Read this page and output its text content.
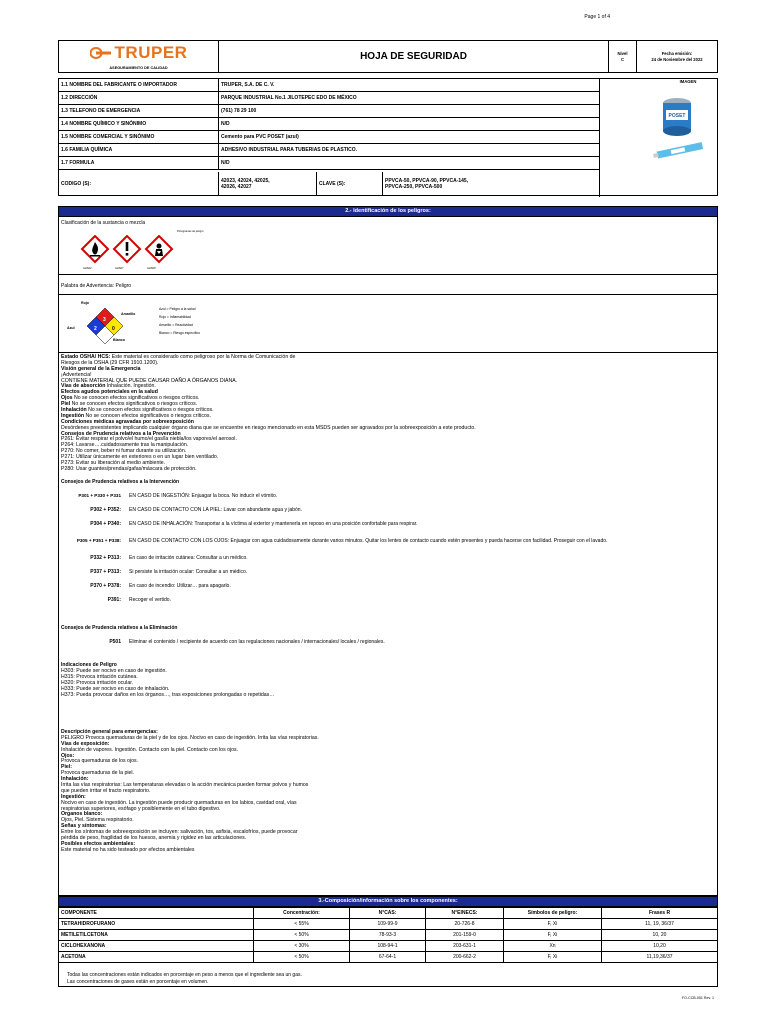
Page 1 of 4
TRUPER
ASEGURAMIENTO DE CALIDAD
HOJA DE SEGURIDAD	Nivel
C
Fecha emisión:
24 de Noviembre del 2022
IMAGEN
1.1 NOMBRE DEL FABRICANTE O IMPORTADOR	TRUPER, S.A. DE C. V.
1.2 DIRECCIÓN	PARQUE INDUSTRIAL No.1 JILOTEPEC EDO DE MÉXICO
1.3 TELEFONO DE EMERGENCIA	(761) 78 29 100
1.4 NOMBRE QUÍMICO Y SINÓNIMO	N/D
1.5 NOMBRE COMERCIAL Y SINÓNIMO	Cemento para PVC POSET (azul)
1.6 FAMILIA QUÍMICA	ADHESIVO INDUSTRIAL PARA TUBERIAS DE PLASTICO.
1.7 FORMULA	N/D
CODIGO (S):	42023, 42024, 42025,
42026, 42027	CLAVE (S):	PPVCA-50, PPVCA-90, PPVCA-145,
PPVCA-250, PPVCA-500
POSET
2.- Identificación de los peligros:
Clasificación de la sustancia o mezcla
Pictogramas de peligro
GHS02	GHS07	GHS08
Palabra de Advertencia: Peligro
3
2	0
Rojo
Azul
Amarillo
Blanco
Azul = Peligro a la salud
Rojo = Inflamabilidad
Amarillo = Reactividad
Blanco = Riesgo específico
Estado OSHA/ HCS: Este material es considerado como peligroso por la Norma de Comunicación de
Riesgos de la OSHA (29 CFR 1910.1200).
Visión general de la Emergencia
¡Advertencia!
CONTIENE MATERIAL QUE PUEDE CAUSAR DAÑO A ÓRGANOS DIANA.
Vías de absorción Inhalación. Ingestión.
Efectos agudos potenciales en la salud
Ojos No se conocen efectos significativos o riesgos críticos.
Piel No se conocen efectos significativos o riesgos críticos.
Inhalación No se conocen efectos significativos o riesgos críticos.
Ingestión No se conocen efectos significativos o riesgos críticos.
Condiciones médicas agravadas por sobreexposición
Desórdenes preexistentes implicando cualquier órgano diana que se encuentre en riesgo mencionado en esta MSDS pueden ser agravados por la sobreexposición a este producto.
Consejos de Prudencia relativos a la Prevención
P261: Evitar respirar el polvo/el humo/el gas/la niebla/los vapores/el aerosol.
P264: Lavarse….cuidadosamente tras la manipulación.
P270: No comer, beber ni fumar durante su utilización.
P271: Utilizar únicamente en exteriores o en un lugar bien ventilado.
P273: Evitar su liberación al medio ambiente.
P280: Usar guantes/prendas/gafas/máscara de protección.
Consejos de Prudencia relativos a la Intervención
Consejos de Prudencia relativos a la Eliminación
P501	Eliminar el contenido / recipiente de acuerdo con las regulaciones nacionales / internacionales/ locales / regionales.
Indicaciones de Peligro
H303: Puede ser nocivo en caso de ingestión.
H315: Provoca irritación cutánea.
H320: Provoca irritación ocular.
H333: Puede ser nocivo en caso de inhalación.
H373: Pueda provocar daños en los órganos…, tras exposiciones prolongadas o repetidas…
Descripción general para emergencias:
PELIGRO Provoca quemaduras de la piel y de los ojos. Nocivo en caso de ingestión. Irrita las vías respiratorias.
Vías de exposición:
Inhalación de vapores. Ingestión. Contacto con la piel. Contacto con los ojos.
Ojos:
Provoca quemaduras de los ojos.
Piel:
Provoca quemaduras de la piel.
Inhalación:
Irrita las vías respiratorias: Las temperaturas elevadas o la acción mecánica pueden formar polvos y humos
que pueden irritar el tracto respiratorio.
Ingestión:
Nocivo en caso de ingestión. La ingestión puede producir quemaduras en los labios, cavidad oral, vías
respiratorias superiores, esófago y posiblemente en el tubo digestivo.
Organos blanco:
Ojos, Piel. Sistema respiratorio.
Señas y síntomas:
Entre los síntomas de sobreexposición se incluyen: salivación, tos, asfixia, escalofríos, puede provocar
pérdida de peso, fragilidad de los huesos, anemia y rigidez en las articulaciones.
Posibles efectos ambientales:
Este material no ha sido testeado por efectos ambientales
P301 + P330 + P331	EN CASO DE INGESTIÓN: Enjuagar la boca. No inducir el vómito.
P302 + P352:	EN CASO DE CONTACTO CON LA PIEL: Lavar con abundante agua y jabón.
P304 + P340:	EN CASO DE INHALACIÓN: Transportar a la víctima al exterior y mantenerla en reposo en una posición confortable para respirar.
P305 + P351 + P338:	EN CASO DE CONTACTO CON LOS OJOS: Enjuagar con agua cuidadosamente durante varios minutos. Quitar los lentes de contacto cuando estén presentes y pueda hacerse con facilidad. Proseguir con el lavado.
P332 + P313:	En caso de irritación cutánea: Consultar a un médico.
P337 + P313:	Si persiste la irritación ocular: Consultar a un médico.
P370 + P378:	En caso de incendio: Utilizar… para apagarlo.
P391:	Recoger el vertido.
3.-Composición/información sobre los componentes:
COMPONENTE	Concentración:	N°CAS:	N°EINECS:	Símbolos de peligro:	Frases R
TETRAHIDROFURANO	< 55%	109-99-9	20-726-8	F, Xi	11, 19, 36/37
METILETILCETONA	< 50%	78-93-3	201-159-0	F, Xi	10, 20
CICLOHEXANONA	< 30%	108-94-1	203-631-1	Xn	10,20
ACETONA	< 50%	67-64-1	200-662-2	F, Xi	11,19,36/37
Todas las concentraciones están indicados en porcentaje en peso a menos que el ingrediente sea un gas.
Las concentraciones de gases están en porcentaje en volumen.
FO-CCB-051 Rev. 1
